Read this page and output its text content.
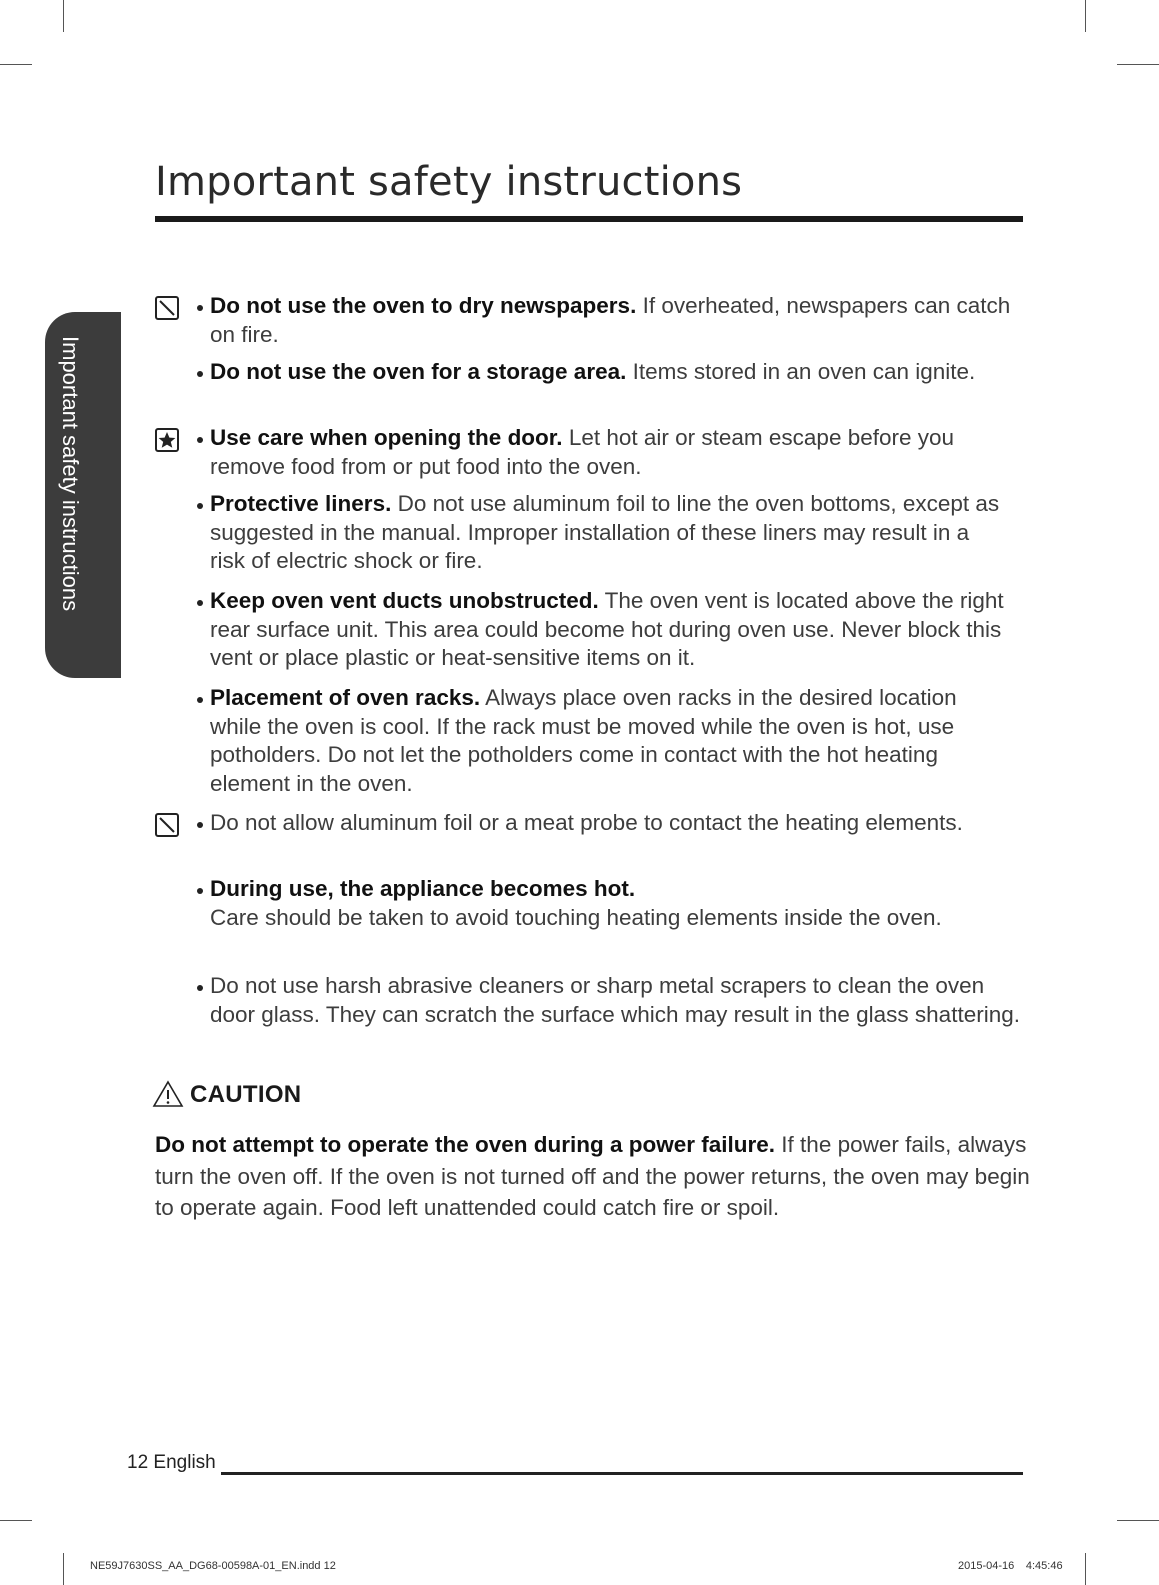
Important safety instructions
Important safety instructions
Do not use the oven to dry newspapers. If overheated, newspapers can catch on fire.
Do not use the oven for a storage area. Items stored in an oven can ignite.
Use care when opening the door. Let hot air or steam escape before you remove food from or put food into the oven.
Protective liners. Do not use aluminum foil to line the oven bottoms, except as suggested in the manual. Improper installation of these liners may result in a risk of electric shock or fire.
Keep oven vent ducts unobstructed. The oven vent is located above the right rear surface unit. This area could become hot during oven use. Never block this vent or place plastic or heat-sensitive items on it.
Placement of oven racks. Always place oven racks in the desired location while the oven is cool. If the rack must be moved while the oven is hot, use potholders. Do not let the potholders come in contact with the hot heating element in the oven.
Do not allow aluminum foil or a meat probe to contact the heating elements.
During use, the appliance becomes hot.
Care should be taken to avoid touching heating elements inside the oven.
Do not use harsh abrasive cleaners or sharp metal scrapers to clean the oven door glass. They can scratch the surface which may result in the glass shattering.
CAUTION
Do not attempt to operate the oven during a power failure. If the power fails, always turn the oven off. If the oven is not turned off and the power returns, the oven may begin to operate again. Food left unattended could catch fire or spoil.
12 English
NE59J7630SS_AA_DG68-00598A-01_EN.indd 12	2015-04-16   4:45:46
